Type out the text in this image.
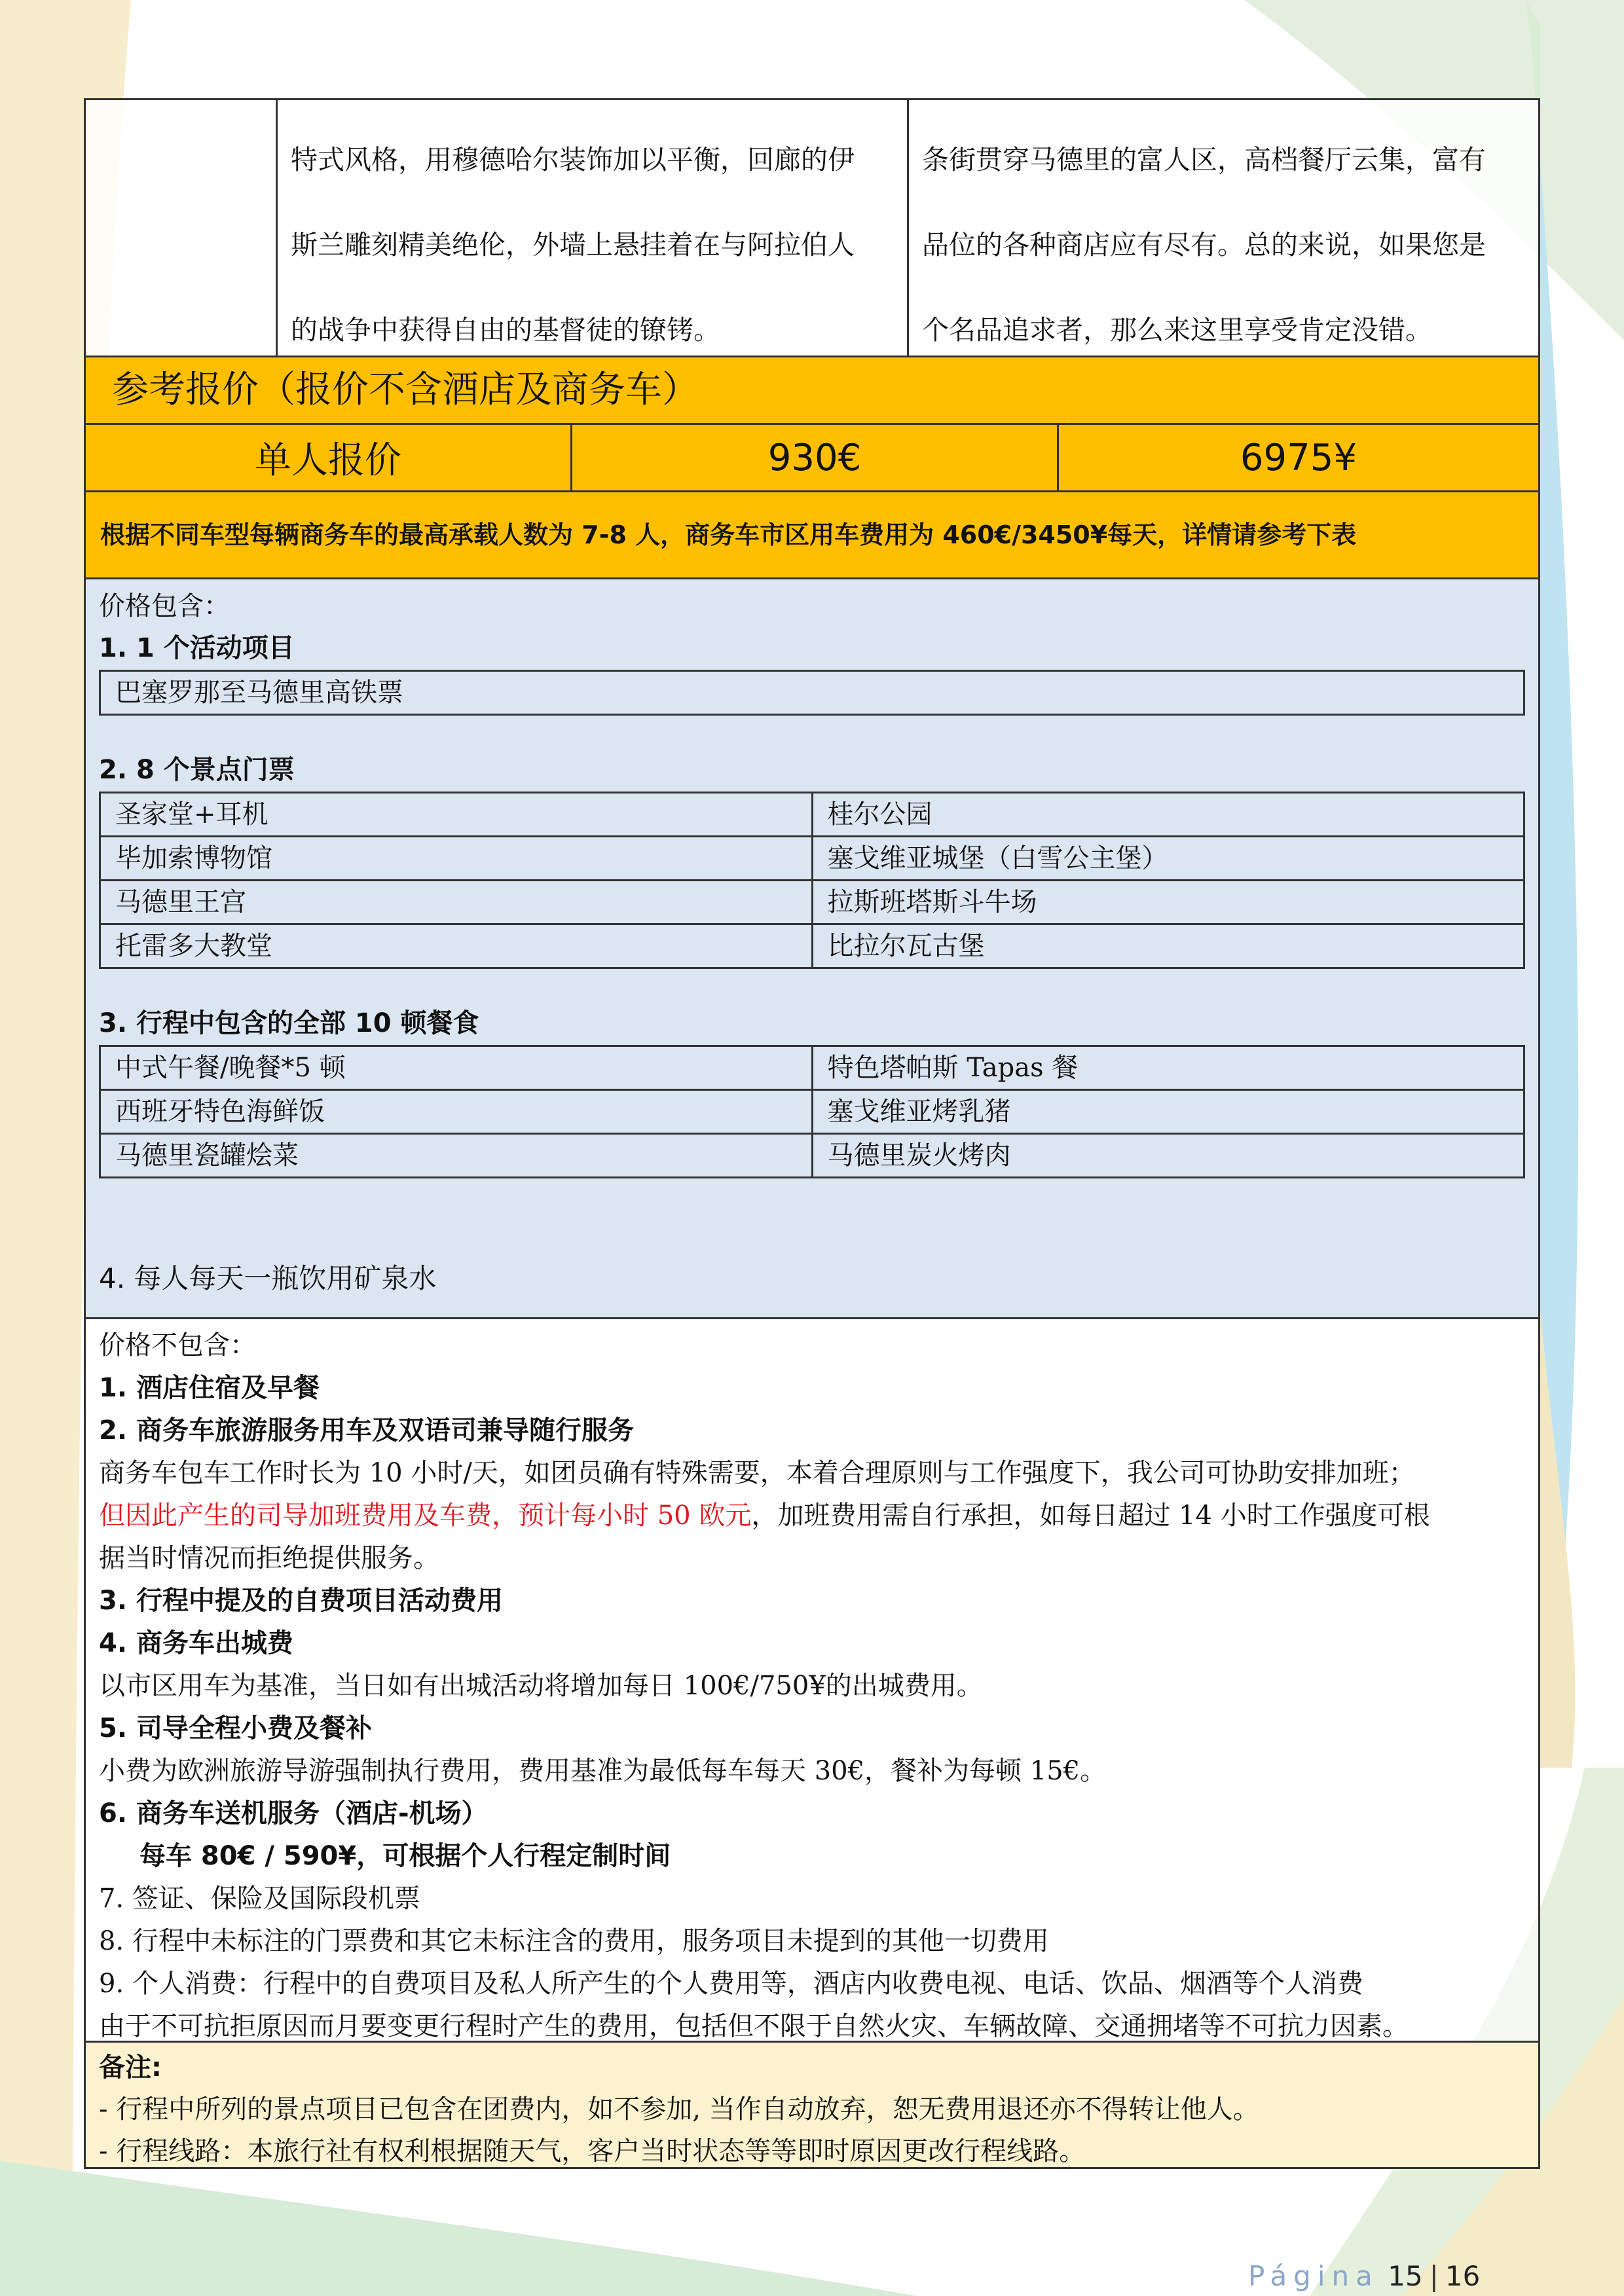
特式风格，用穆德哈尔装饰加以平衡，回廊的伊
斯兰雕刻精美绝伦，外墙上悬挂着在与阿拉伯人
的战争中获得自由的基督徒的镣铐。
条街贯穿马德里的富人区，高档餐厅云集，富有
品位的各种商店应有尽有。总的来说，如果您是
个名品追求者，那么来这里享受肯定没错。
参考报价（报价不含酒店及商务车）
单人报价	930€	6975¥
根据不同车型每辆商务车的最高承载人数为 7-8 人，商务车市区用车费用为 460€/3450¥每天，详情请参考下表
价格包含：
1. 1 个活动项目
巴塞罗那至马德里高铁票
2. 8 个景点门票
圣家堂+耳机	桂尔公园
毕加索博物馆	塞戈维亚城堡（白雪公主堡）
马德里王宫	拉斯班塔斯斗牛场
托雷多大教堂	比拉尔瓦古堡
3. 行程中包含的全部 10 顿餐食
中式午餐/晚餐*5 顿	特色塔帕斯 Tapas 餐
西班牙特色海鲜饭	塞戈维亚烤乳猪
马德里瓷罐烩菜	马德里炭火烤肉
4. 每人每天一瓶饮用矿泉水
价格不包含：
1. 酒店住宿及早餐
2. 商务车旅游服务用车及双语司兼导随行服务
商务车包车工作时长为 10 小时/天，如团员确有特殊需要，本着合理原则与工作强度下，我公司可协助安排加班；
但因此产生的司导加班费用及车费，预计每小时 50 欧元，加班费用需自行承担，如每日超过 14 小时工作强度可根
据当时情况而拒绝提供服务。
3. 行程中提及的自费项目活动费用
4. 商务车出城费
以市区用车为基准，当日如有出城活动将增加每日 100€/750¥的出城费用。
5. 司导全程小费及餐补
小费为欧洲旅游导游强制执行费用，费用基准为最低每车每天 30€，餐补为每顿 15€。
6. 商务车送机服务（酒店-机场）
每车 80€ / 590¥，可根据个人行程定制时间
7. 签证、保险及国际段机票
8. 行程中未标注的门票费和其它未标注含的费用，服务项目未提到的其他一切费用
9. 个人消费：行程中的自费项目及私人所产生的个人费用等，酒店内收费电视、电话、饮品、烟酒等个人消费
由于不可抗拒原因而月要变更行程时产生的费用，包括但不限于自然火灾、车辆故障、交通拥堵等不可抗力因素。
备注:
- 行程中所列的景点项目已包含在团费内，如不参加, 当作自动放弃，恕无费用退还亦不得转让他人。
- 行程线路：本旅行社有权利根据随天气，客户当时状态等等即时原因更改行程线路。
Página 15 | 16
